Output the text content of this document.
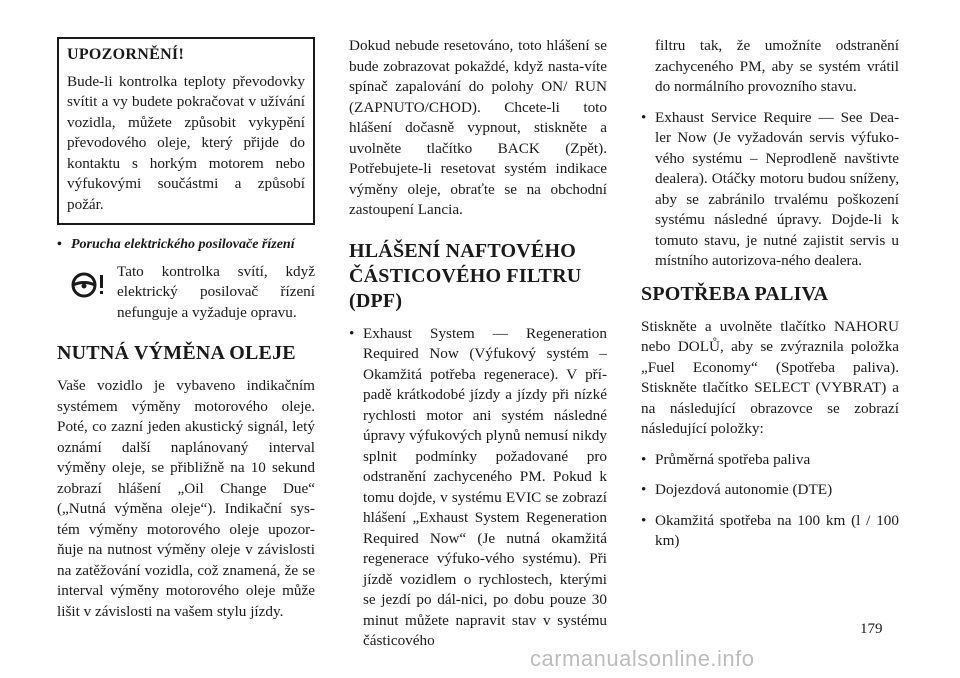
UPOZORNĚNÍ!

Bude-li kontrolka teploty převodovky svítit a vy budete pokračovat v užívání vozidla, můžete způsobit vykypění převodového oleje, který přijde do kontaktu s horkým motorem nebo výfukovými součástmi a způsobí požár.

• Porucha elektrického posilovače řízení
Tato kontrolka svítí, když elektrický posilovač řízení nefunguje a vyžaduje opravu.
NUTNÁ VÝMĚNA OLEJE

Vaše vozidlo je vybaveno indikačním systémem výměny motorového oleje. Poté, co zazní jeden akustický signál, letý oznámí další naplánovaný interval výměny oleje, se přibližně na 10 sekund zobrazí hlášení „Oil Change Due“ („Nutná výměna oleje“). Indikační sys-tém výměny motorového oleje upozor-ňuje na nutnost výměny oleje v závislosti na zatěžování vozidla, což znamená, že se interval výměny motorového oleje může lišit v závislosti na vašem stylu jízdy.

Dokud nebude resetováno, toto hlášení se bude zobrazovat pokaždé, když nasta-víte spínač zapalování do polohy ON/ RUN (ZAPNUTO/CHOD). Chcete-li toto hlášení dočasně vypnout, stiskněte a uvolněte tlačítko BACK (Zpět). Potřebujete-li resetovat systém indikace výměny oleje, obraťte se na obchodní zastoupení Lancia.

HLÁŠENÍ NAFTOVÉHO ČÁSTICOVÉHO FILTRU (DPF)
• Exhaust System — Regeneration Required Now (Výfukový systém – Okamžitá potřeba regenerace). V pří-padě krátkodobé jízdy a jízdy při nízké rychlosti motor ani systém následné úpravy výfukových plynů nemusí nikdy splnit podmínky požadované pro odstranění zachyceného PM. Pokud k tomu dojde, v systému EVIC se zobrazí hlášení „Exhaust System Regeneration Required Now“ (Je nutná okamžitá regenerace výfuko-vého systému). Při jízdě vozidlem o rychlostech, kterými se jezdí po dál-nici, po dobu pouze 30 minut můžete napravit stav v systému částicového

filtru tak, že umožníte odstranění zachyceného PM, aby se systém vrátil do normálního provozního stavu.

• Exhaust Service Require — See Dea-ler Now (Je vyžadován servis výfuko-vého systému – Neprodleně navštivte dealera). Otáčky motoru budou sníženy, aby se zabránilo trvalému poškození systému následné úpravy. Dojde-li k tomuto stavu, je nutné zajistit servis u místního autorizova-ného dealera.
SPOTŘEBA PALIVA

Stiskněte a uvolněte tlačítko NAHORU nebo DOLŮ, aby se zvýraznila položka „Fuel Economy“ (Spotřeba paliva). Stiskněte tlačítko SELECT (VYBRAT) a na následující obrazovce se zobrazí následující položky:

• Průměrná spotřeba paliva
• Dojezdová autonomie (DTE)
• Okamžitá spotřeba na 100 km (l / 100 km)
179
carmanualsonline.info
